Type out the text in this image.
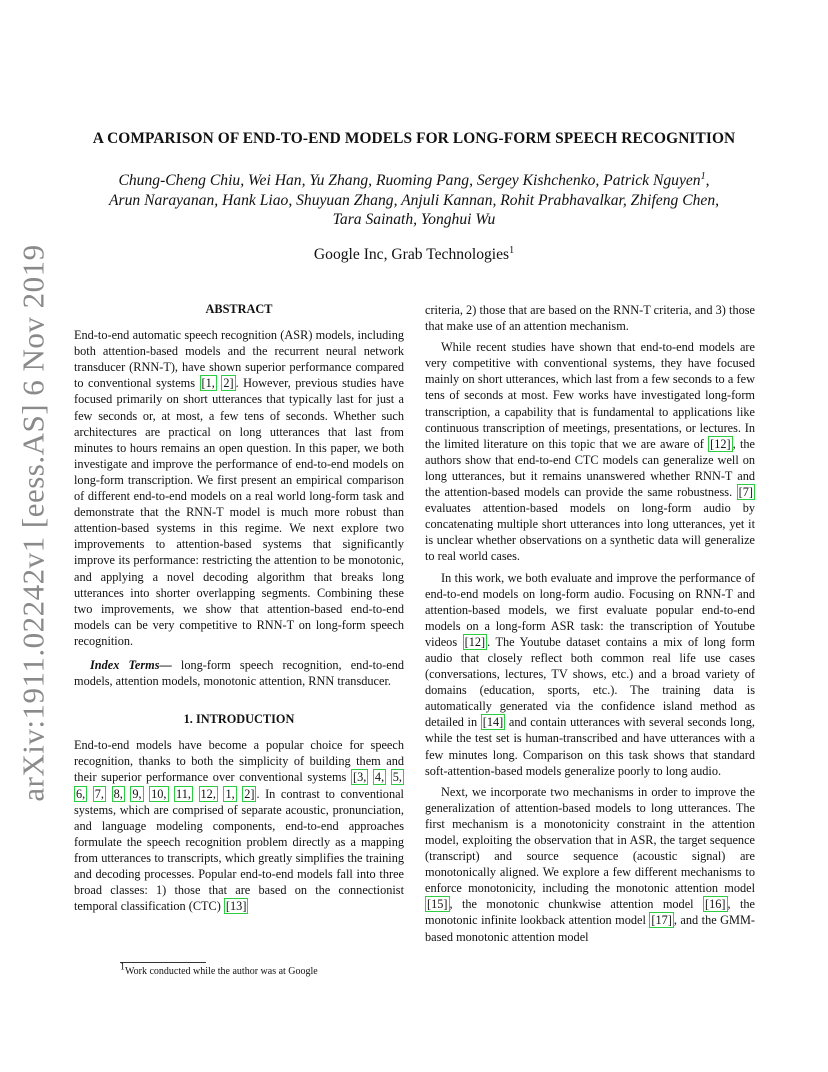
arXiv:1911.02242v1 [eess.AS] 6 Nov 2019
A COMPARISON OF END-TO-END MODELS FOR LONG-FORM SPEECH RECOGNITION
Chung-Cheng Chiu, Wei Han, Yu Zhang, Ruoming Pang, Sergey Kishchenko, Patrick Nguyen$^1$,
Arun Narayanan, Hank Liao, Shuyuan Zhang, Anjuli Kannan, Rohit Prabhavalkar, Zhifeng Chen,
Tara Sainath, Yonghui Wu
Google Inc, Grab Technologies$^1$
ABSTRACT

End-to-end automatic speech recognition (ASR) models, including both attention-based models and the recurrent neural network transducer (RNN-T), have shown superior performance compared to conventional systems [1, 2] . However, previous studies have focused primarily on short utterances that typically last for just a few seconds or, at most, a few tens of seconds. Whether such architectures are practical on long utterances that last from minutes to hours remains an open question. In this paper, we both investigate and improve the performance of end-to-end models on long-form transcription. We first present an empirical comparison of different end-to-end models on a real world long-form task and demonstrate that the RNN-T model is much more robust than attention-based systems in this regime. We next explore two improvements to attention-based systems that significantly improve its performance: restricting the attention to be monotonic, and applying a novel decoding algorithm that breaks long utterances into shorter overlapping segments. Combining these two improvements, we show that attention-based end-to-end models can be very competitive to RNN-T on long-form speech recognition.

Index Terms— long-form speech recognition, end-to-end models, attention models, monotonic attention, RNN transducer.

1. INTRODUCTION

End-to-end models have become a popular choice for speech recognition, thanks to both the simplicity of building them and their superior performance over conventional systems [3, 4, 5, 6, 7, 8, 9, 10, 11, 12, 1, 2] . In contrast to conventional systems, which are comprised of separate acoustic, pronunciation, and language modeling components, end-to-end approaches formulate the speech recognition problem directly as a mapping from utterances to transcripts, which greatly simplifies the training and decoding processes. Popular end-to-end models fall into three broad classes: 1) those that are based on the connectionist temporal classification (CTC) [13]

criteria, 2) those that are based on the RNN-T criteria, and 3) those that make use of an attention mechanism.

While recent studies have shown that end-to-end models are very competitive with conventional systems, they have focused mainly on short utterances, which last from a few seconds to a few tens of seconds at most. Few works have investigated long-form transcription, a capability that is fundamental to applications like continuous transcription of meetings, presentations, or lectures. In the limited literature on this topic that we are aware of [12] , the authors show that end-to-end CTC models can generalize well on long utterances, but it remains unanswered whether RNN-T and the attention-based models can provide the same robustness. [7] evaluates attention-based models on long-form audio by concatenating multiple short utterances into long utterances, yet it is unclear whether observations on a synthetic data will generalize to real world cases.

In this work, we both evaluate and improve the performance of end-to-end models on long-form audio. Focusing on RNN-T and attention-based models, we first evaluate popular end-to-end models on a long-form ASR task: the transcription of Youtube videos [12] . The Youtube dataset contains a mix of long form audio that closely reflect both common real life use cases (conversations, lectures, TV shows, etc.) and a broad variety of domains (education, sports, etc.). The training data is automatically generated via the confidence island method as detailed in [14] and contain utterances with several seconds long, while the test set is human-transcribed and have utterances with a few minutes long. Comparison on this task shows that standard soft-attention-based models generalize poorly to long audio.

Next, we incorporate two mechanisms in order to improve the generalization of attention-based models to long utterances. The first mechanism is a monotonicity constraint in the attention model, exploiting the observation that in ASR, the target sequence (transcript) and source sequence (acoustic signal) are monotonically aligned. We explore a few different mechanisms to enforce monotonicity, including the monotonic attention model [15] , the monotonic chunkwise attention model [16] , the monotonic infinite lookback attention model [17] , and the GMM-based monotonic attention model

$^1$Work conducted while the author was at Google
